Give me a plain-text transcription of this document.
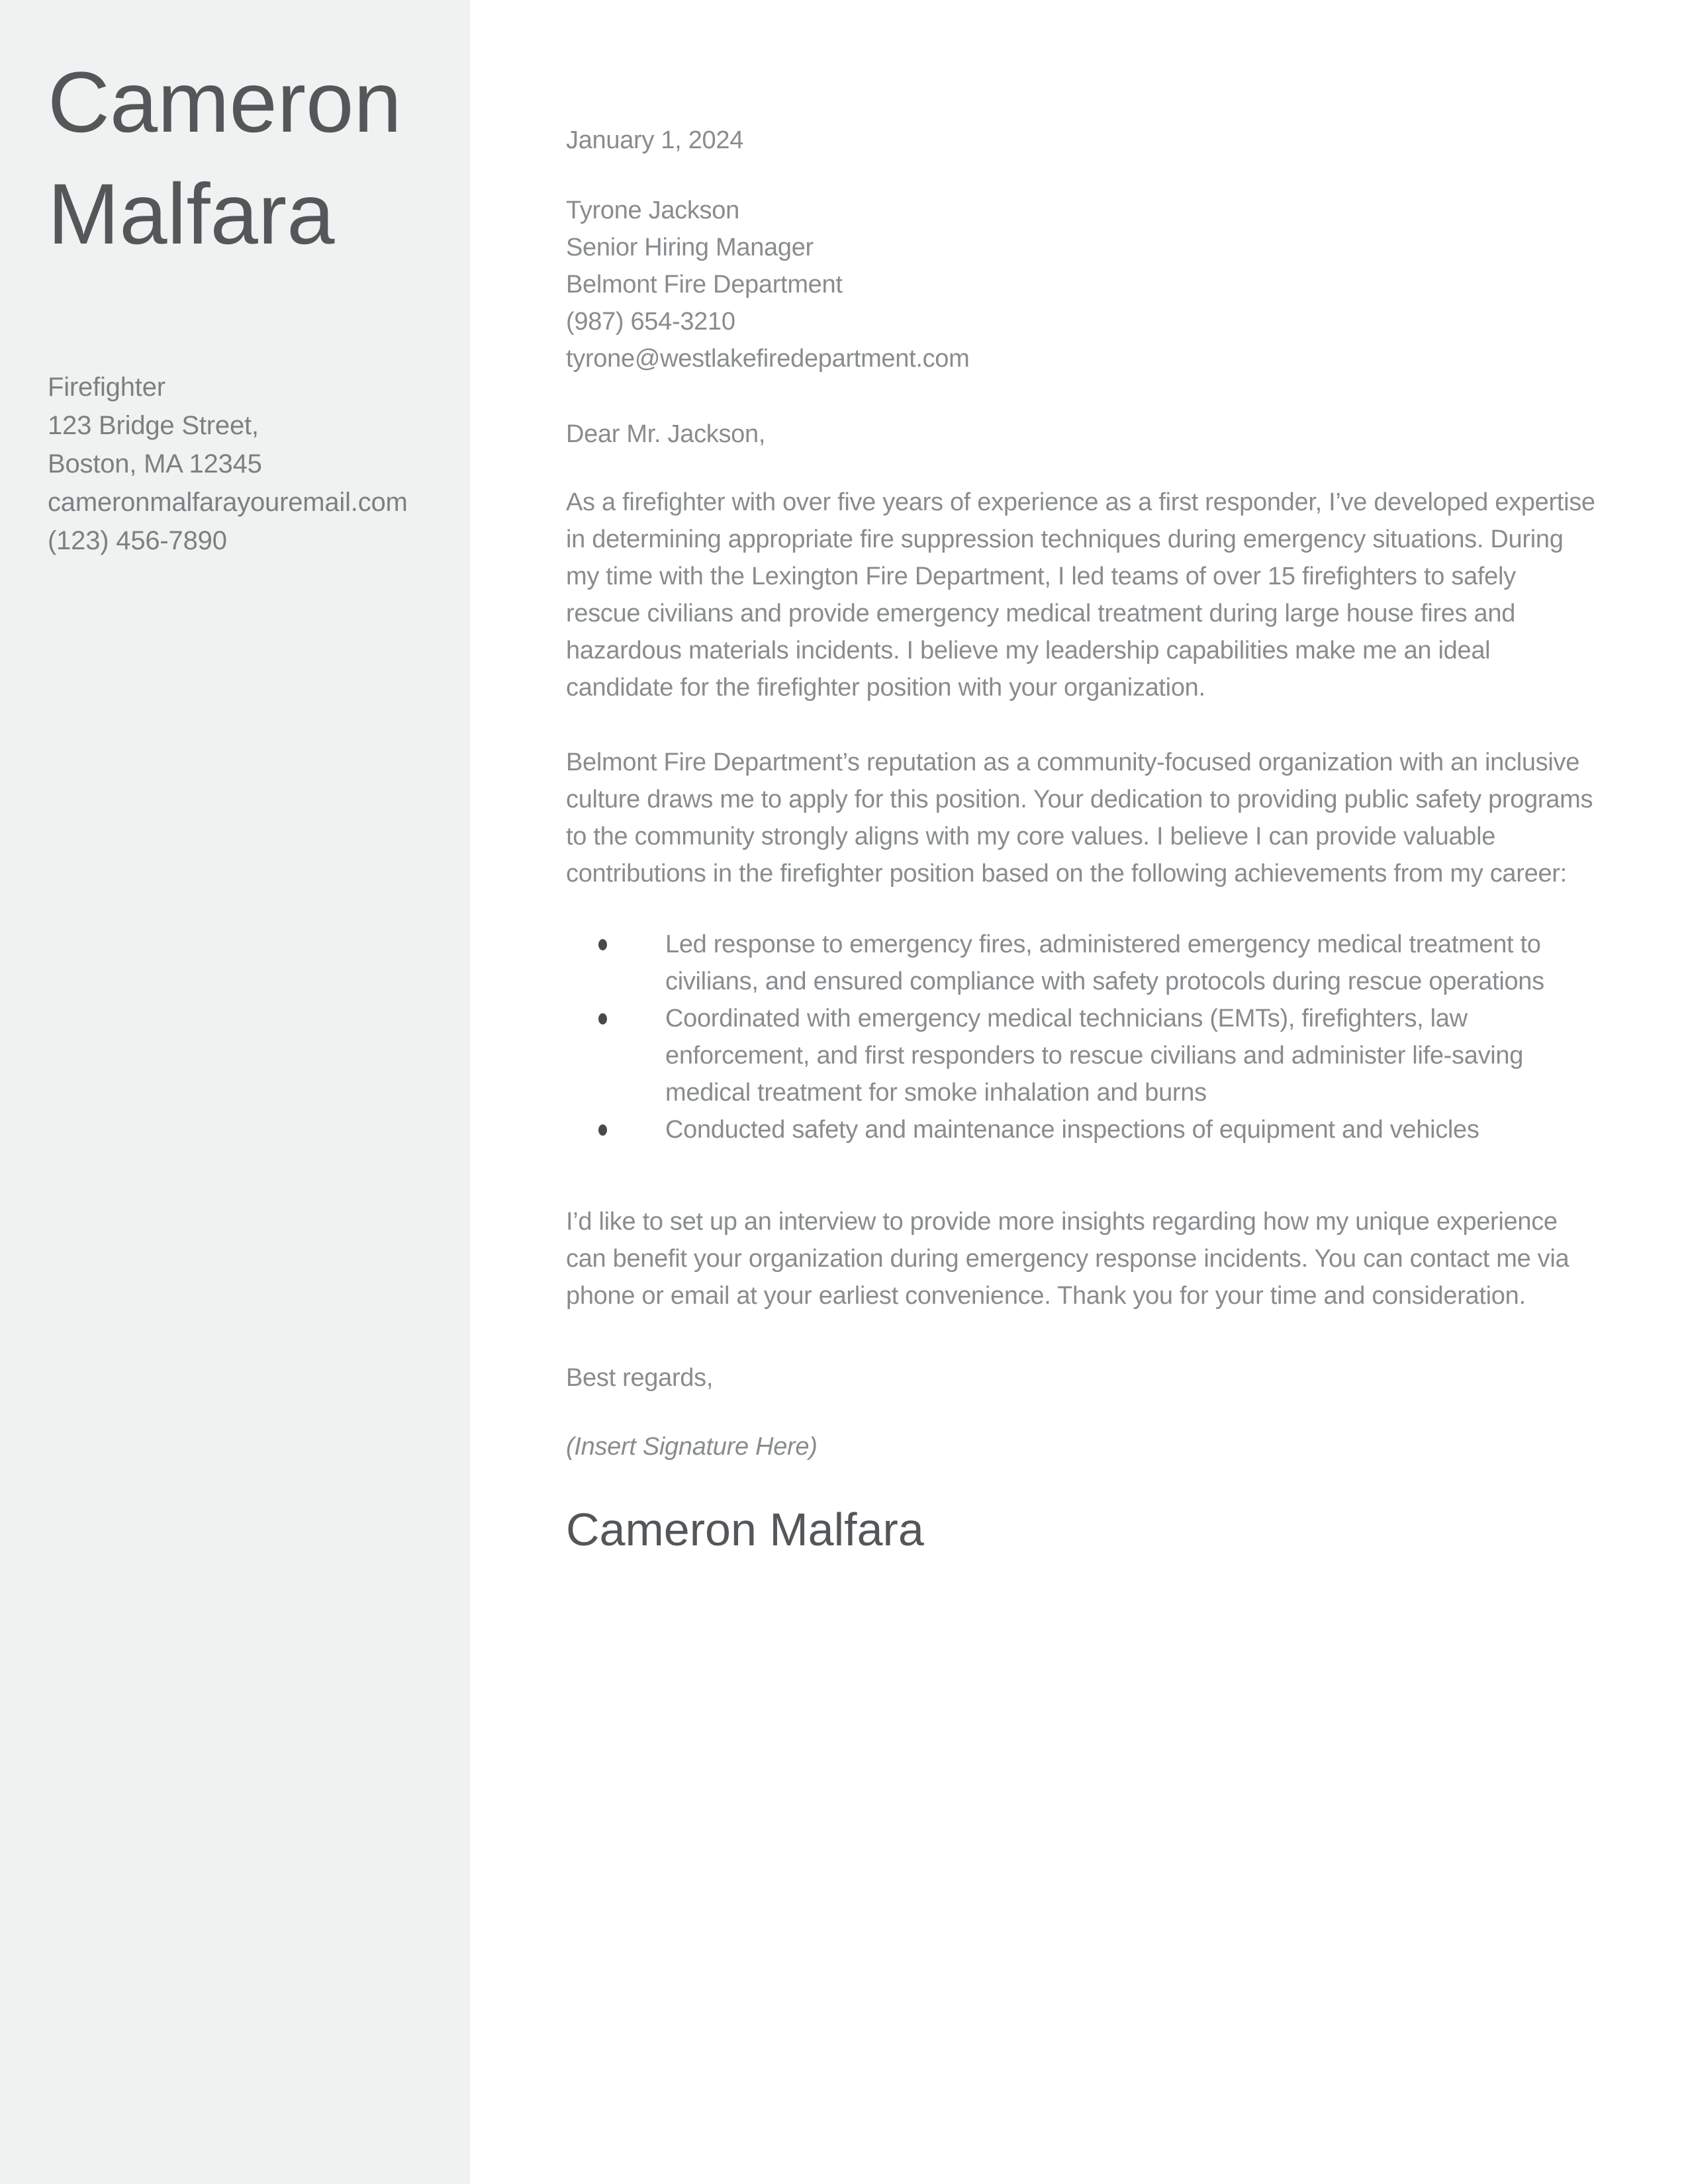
Cameron
Malfara
Firefighter
123 Bridge Street,
Boston, MA 12345
cameronmalfarayouremail.com
(123) 456-7890
January 1, 2024
Tyrone Jackson
Senior Hiring Manager
Belmont Fire Department
(987) 654-3210
tyrone@westlakefiredepartment.com
Dear Mr. Jackson,

As a firefighter with over five years of experience as a first responder, I’ve developed expertise in determining appropriate fire suppression techniques during emergency situations. During my time with the Lexington Fire Department, I led teams of over 15 firefighters to safely rescue civilians and provide emergency medical treatment during large house fires and hazardous materials incidents. I believe my leadership capabilities make me an ideal candidate for the firefighter position with your organization.

Belmont Fire Department’s reputation as a community-focused organization with an inclusive culture draws me to apply for this position. Your dedication to providing public safety programs to the community strongly aligns with my core values. I believe I can provide valuable contributions in the firefighter position based on the following achievements from my career:

Led response to emergency fires, administered emergency medical treatment to civilians, and ensured compliance with safety protocols during rescue operations
Coordinated with emergency medical technicians (EMTs), firefighters, law enforcement, and first responders to rescue civilians and administer life-saving medical treatment for smoke inhalation and burns
Conducted safety and maintenance inspections of equipment and vehicles

I’d like to set up an interview to provide more insights regarding how my unique experience can benefit your organization during emergency response incidents. You can contact me via phone or email at your earliest convenience. Thank you for your time and consideration.

Best regards,
(Insert Signature Here)
Cameron Malfara
